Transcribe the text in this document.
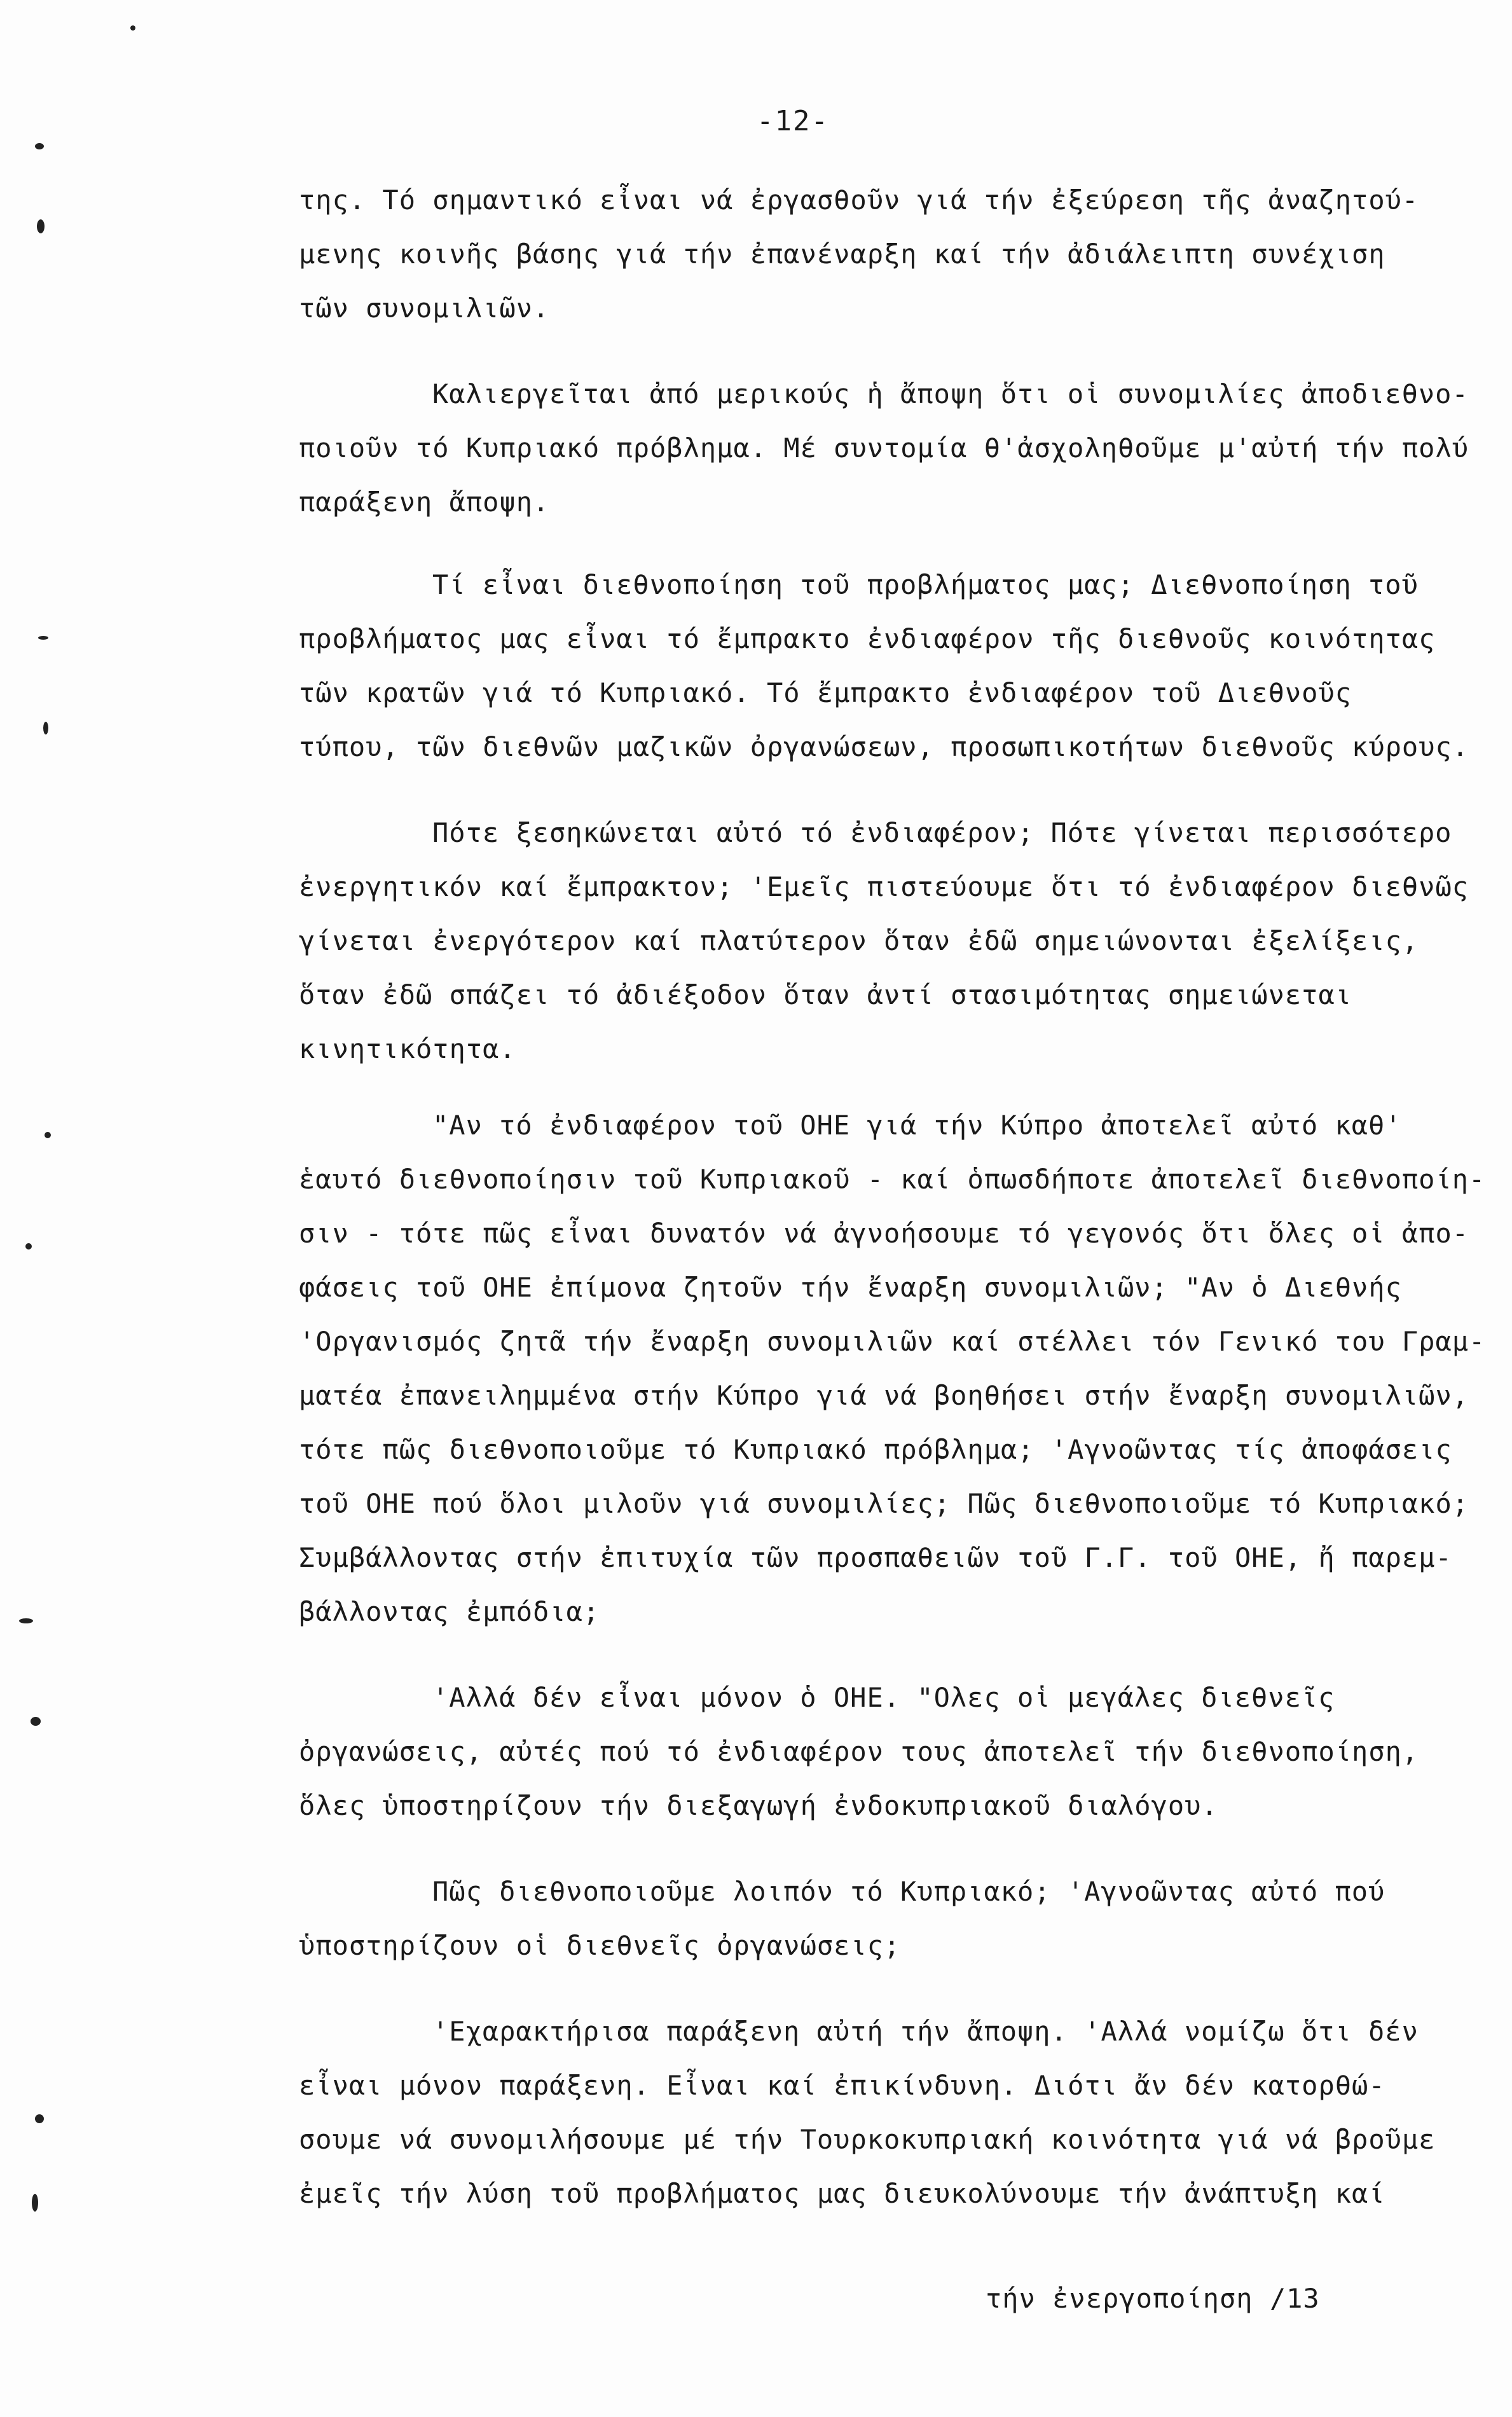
-12-
της. Τό σημαντικό εἶναι νά ἐργασθοῦν γιά τήν ἐξεύρεση τῆς ἀναζητού-
μενης κοινῆς βάσης γιά τήν ἐπανέναρξη καί τήν ἀδιάλειπτη συνέχιση
τῶν συνομιλιῶν.
Καλιεργεῖται ἀπό μερικούς ἡ ἄποψη ὅτι οἱ συνομιλίες ἀποδιεθνο-
ποιοῦν τό Κυπριακό πρόβλημα. Μέ συντομία θ'ἀσχοληθοῦμε μ'αὐτή τήν πολύ
παράξενη ἄποψη.
Τί εἶναι διεθνοποίηση τοῦ προβλήματος μας; Διεθνοποίηση τοῦ
προβλήματος μας εἶναι τό ἔμπρακτο ἐνδιαφέρον τῆς διεθνοῦς κοινότητας
τῶν κρατῶν γιά τό Κυπριακό. Τό ἔμπρακτο ἐνδιαφέρον τοῦ Διεθνοῦς
τύπου, τῶν διεθνῶν μαζικῶν ὀργανώσεων, προσωπικοτήτων διεθνοῦς κύρους.
Πότε ξεσηκώνεται αὐτό τό ἐνδιαφέρον; Πότε γίνεται περισσότερο
ἐνεργητικόν καί ἔμπρακτον; 'Εμεῖς πιστεύουμε ὅτι τό ἐνδιαφέρον διεθνῶς
γίνεται ἐνεργότερον καί πλατύτερον ὅταν ἐδῶ σημειώνονται ἐξελίξεις,
ὅταν ἐδῶ σπάζει τό ἀδιέξοδον ὅταν ἀντί στασιμότητας σημειώνεται
κινητικότητα.
"Αν τό ἐνδιαφέρον τοῦ ΟΗΕ γιά τήν Κύπρο ἀποτελεῖ αὐτό καθ'
ἑαυτό διεθνοποίησιν τοῦ Κυπριακοῦ - καί ὁπωσδήποτε ἀποτελεῖ διεθνοποίη-
σιν - τότε πῶς εἶναι δυνατόν νά ἀγνοήσουμε τό γεγονός ὅτι ὅλες οἱ ἀπο-
φάσεις τοῦ ΟΗΕ ἐπίμονα ζητοῦν τήν ἔναρξη συνομιλιῶν; "Αν ὁ Διεθνής
'Οργανισμός ζητᾶ τήν ἔναρξη συνομιλιῶν καί στέλλει τόν Γενικό του Γραμ-
ματέα ἐπανειλημμένα στήν Κύπρο γιά νά βοηθήσει στήν ἔναρξη συνομιλιῶν,
τότε πῶς διεθνοποιοῦμε τό Κυπριακό πρόβλημα; 'Αγνοῶντας τίς ἀποφάσεις
τοῦ ΟΗΕ πού ὅλοι μιλοῦν γιά συνομιλίες; Πῶς διεθνοποιοῦμε τό Κυπριακό;
Συμβάλλοντας στήν ἐπιτυχία τῶν προσπαθειῶν τοῦ Γ.Γ. τοῦ ΟΗΕ, ἤ παρεμ-
βάλλοντας ἐμπόδια;
'Αλλά δέν εἶναι μόνον ὁ ΟΗΕ. "Ολες οἱ μεγάλες διεθνεῖς
ὀργανώσεις, αὐτές πού τό ἐνδιαφέρον τους ἀποτελεῖ τήν διεθνοποίηση,
ὅλες ὑποστηρίζουν τήν διεξαγωγή ἐνδοκυπριακοῦ διαλόγου.
Πῶς διεθνοποιοῦμε λοιπόν τό Κυπριακό; 'Αγνοῶντας αὐτό πού
ὑποστηρίζουν οἱ διεθνεῖς ὀργανώσεις;
'Εχαρακτήρισα παράξενη αὐτή τήν ἄποψη. 'Αλλά νομίζω ὅτι δέν
εἶναι μόνον παράξενη. Εἶναι καί ἐπικίνδυνη. Διότι ἄν δέν κατορθώ-
σουμε νά συνομιλήσουμε μέ τήν Τουρκοκυπριακή κοινότητα γιά νά βροῦμε
ἐμεῖς τήν λύση τοῦ προβλήματος μας διευκολύνουμε τήν ἀνάπτυξη καί
τήν ἐνεργοποίηση /13
